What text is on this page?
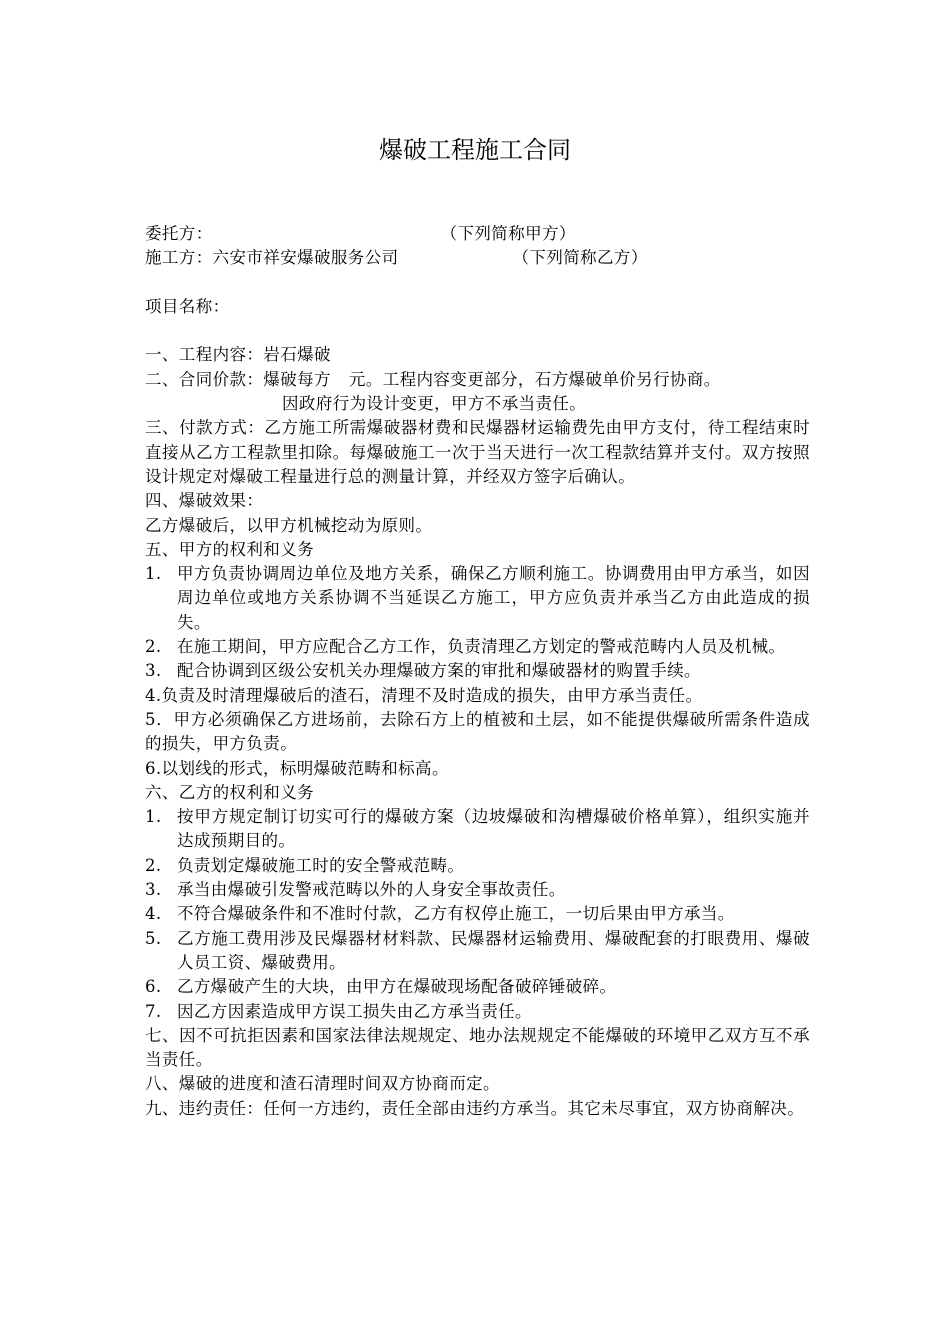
爆破工程施工合同
委托方：	（下列简称甲方）
施工方：六安市祥安爆破服务公司	（下列简称乙方）
项目名称：
一、工程内容：岩石爆破
二、合同价款：爆破每方 元。工程内容变更部分，石方爆破单价另行协商。
因政府行为设计变更，甲方不承当责任。
三、付款方式：乙方施工所需爆破器材费和民爆器材运输费先由甲方支付，待工程结束时直接从乙方工程款里扣除。每爆破施工一次于当天进行一次工程款结算并支付。双方按照设计规定对爆破工程量进行总的测量计算，并经双方签字后确认。
四、爆破效果：
乙方爆破后，以甲方机械挖动为原则。
五、甲方的权利和义务
1. 甲方负责协调周边单位及地方关系，确保乙方顺利施工。协调费用由甲方承当，如因周边单位或地方关系协调不当延误乙方施工，甲方应负责并承当乙方由此造成的损失。
2. 在施工期间，甲方应配合乙方工作，负责清理乙方划定的警戒范畴内人员及机械。
3. 配合协调到区级公安机关办理爆破方案的审批和爆破器材的购置手续。
4.负责及时清理爆破后的渣石，清理不及时造成的损失，由甲方承当责任。
5．甲方必须确保乙方进场前，去除石方上的植被和土层，如不能提供爆破所需条件造成的损失，甲方负责。
6.以划线的形式，标明爆破范畴和标高。
六、乙方的权利和义务
1. 按甲方规定制订切实可行的爆破方案（边坡爆破和沟槽爆破价格单算），组织实施并达成预期目的。
2. 负责划定爆破施工时的安全警戒范畴。
3. 承当由爆破引发警戒范畴以外的人身安全事故责任。
4. 不符合爆破条件和不准时付款，乙方有权停止施工，一切后果由甲方承当。
5. 乙方施工费用涉及民爆器材材料款、民爆器材运输费用、爆破配套的打眼费用、爆破人员工资、爆破费用。
6. 乙方爆破产生的大块，由甲方在爆破现场配备破碎锤破碎。
7. 因乙方因素造成甲方误工损失由乙方承当责任。
七、因不可抗拒因素和国家法律法规规定、地办法规规定不能爆破的环境甲乙双方互不承当责任。
八、爆破的进度和渣石清理时间双方协商而定。
九、违约责任：任何一方违约，责任全部由违约方承当。其它未尽事宜，双方协商解决。
